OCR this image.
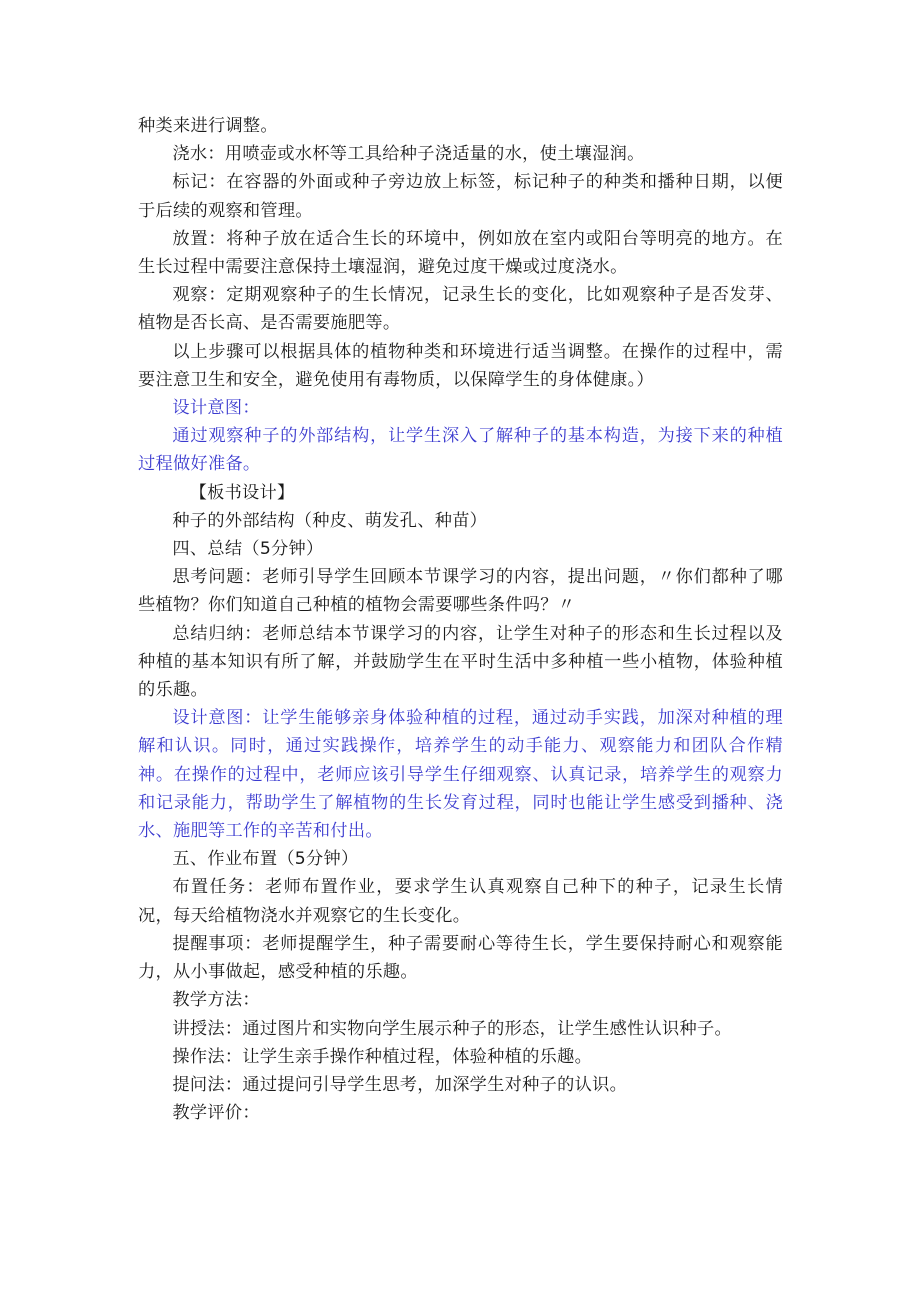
种类来进行调整。

浇水：用喷壶或水杯等工具给种子浇适量的水，使土壤湿润。

标记：在容器的外面或种子旁边放上标签，标记种子的种类和播种日期，以便于后续的观察和管理。

放置：将种子放在适合生长的环境中，例如放在室内或阳台等明亮的地方。在生长过程中需要注意保持土壤湿润，避免过度干燥或过度浇水。

观察：定期观察种子的生长情况，记录生长的变化，比如观察种子是否发芽、植物是否长高、是否需要施肥等。

以上步骤可以根据具体的植物种类和环境进行适当调整。在操作的过程中，需要注意卫生和安全，避免使用有毒物质，以保障学生的身体健康。）

设计意图：

通过观察种子的外部结构，让学生深入了解种子的基本构造，为接下来的种植过程做好准备。

【板书设计】

种子的外部结构（种皮、萌发孔、种苗）

四、总结（5分钟）

思考问题：老师引导学生回顾本节课学习的内容，提出问题，〃你们都种了哪些植物？你们知道自己种植的植物会需要哪些条件吗？〃

总结归纳：老师总结本节课学习的内容，让学生对种子的形态和生长过程以及种植的基本知识有所了解，并鼓励学生在平时生活中多种植一些小植物，体验种植的乐趣。

设计意图：让学生能够亲身体验种植的过程，通过动手实践，加深对种植的理解和认识。同时，通过实践操作，培养学生的动手能力、观察能力和团队合作精神。在操作的过程中，老师应该引导学生仔细观察、认真记录，培养学生的观察力和记录能力，帮助学生了解植物的生长发育过程，同时也能让学生感受到播种、浇水、施肥等工作的辛苦和付出。

五、作业布置（5分钟）

布置任务：老师布置作业，要求学生认真观察自己种下的种子，记录生长情况，每天给植物浇水并观察它的生长变化。

提醒事项：老师提醒学生，种子需要耐心等待生长，学生要保持耐心和观察能力，从小事做起，感受种植的乐趣。

教学方法：

讲授法：通过图片和实物向学生展示种子的形态，让学生感性认识种子。

操作法：让学生亲手操作种植过程，体验种植的乐趣。

提问法：通过提问引导学生思考，加深学生对种子的认识。

教学评价：
